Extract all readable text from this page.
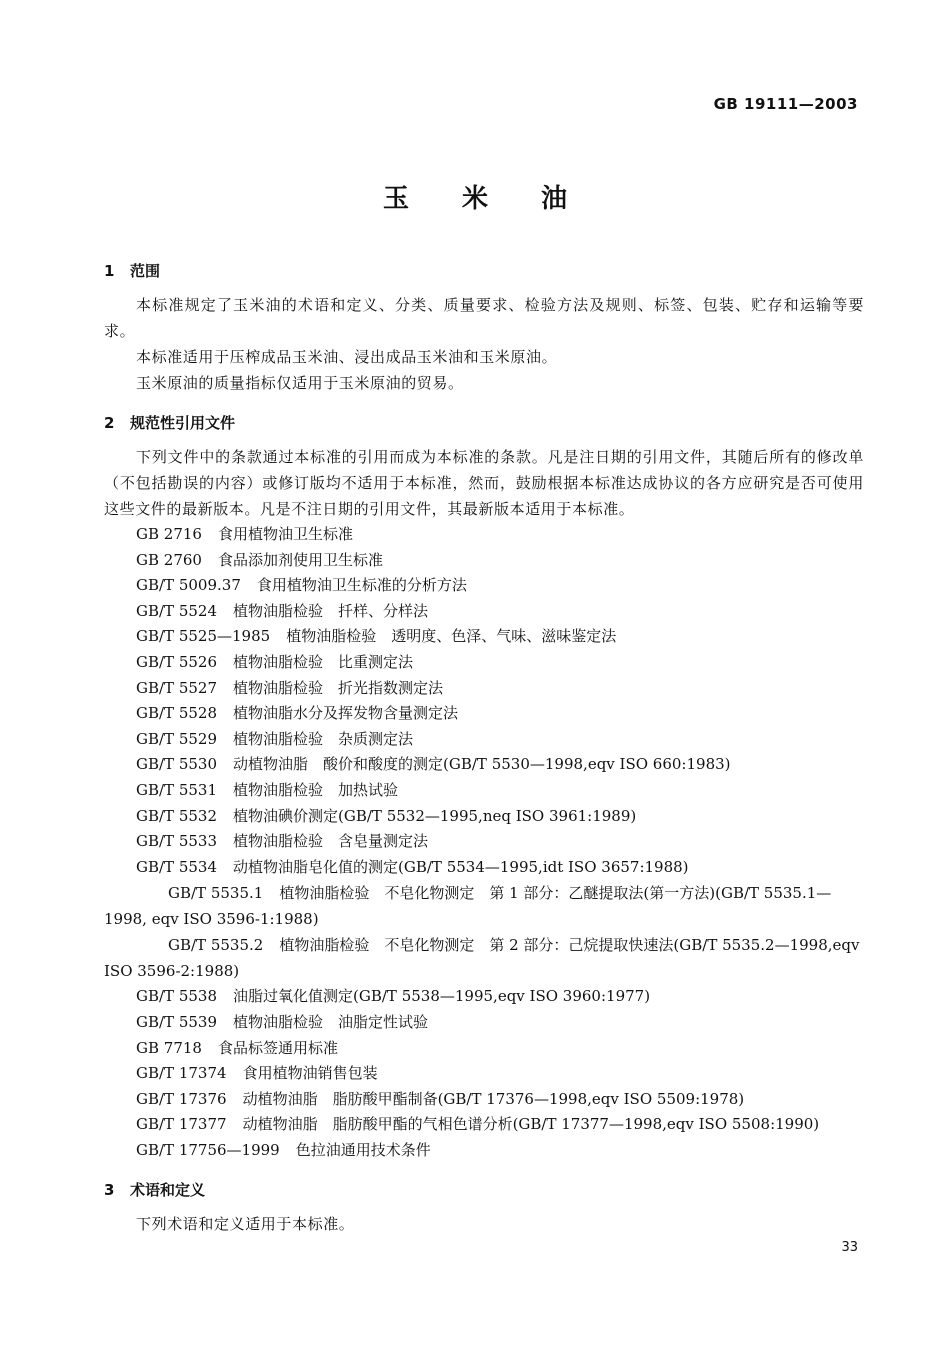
GB 19111—2003
玉 米 油
1 范围
本标准规定了玉米油的术语和定义、分类、质量要求、检验方法及规则、标签、包装、贮存和运输等要求。
本标准适用于压榨成品玉米油、浸出成品玉米油和玉米原油。
玉米原油的质量指标仅适用于玉米原油的贸易。
2 规范性引用文件
下列文件中的条款通过本标准的引用而成为本标准的条款。凡是注日期的引用文件，其随后所有的修改单（不包括勘误的内容）或修订版均不适用于本标准，然而，鼓励根据本标准达成协议的各方应研究是否可使用这些文件的最新版本。凡是不注日期的引用文件，其最新版本适用于本标准。
GB 2716 食用植物油卫生标准
GB 2760 食品添加剂使用卫生标准
GB/T 5009.37 食用植物油卫生标准的分析方法
GB/T 5524 植物油脂检验　扦样、分样法
GB/T 5525—1985 植物油脂检验　透明度、色泽、气味、滋味鉴定法
GB/T 5526 植物油脂检验　比重测定法
GB/T 5527 植物油脂检验　折光指数测定法
GB/T 5528 植物油脂水分及挥发物含量测定法
GB/T 5529 植物油脂检验　杂质测定法
GB/T 5530 动植物油脂　酸价和酸度的测定(GB/T 5530—1998,eqv ISO 660:1983)
GB/T 5531 植物油脂检验　加热试验
GB/T 5532 植物油碘价测定(GB/T 5532—1995,neq ISO 3961:1989)
GB/T 5533 植物油脂检验　含皂量测定法
GB/T 5534 动植物油脂皂化值的测定(GB/T 5534—1995,idt ISO 3657:1988)
GB/T 5535.1 植物油脂检验　不皂化物测定　第 1 部分：乙醚提取法(第一方法)(GB/T 5535.1—1998, eqv ISO 3596-1:1988)
GB/T 5535.2 植物油脂检验　不皂化物测定　第 2 部分：己烷提取快速法(GB/T 5535.2—1998,eqv ISO 3596-2:1988)
GB/T 5538 油脂过氧化值测定(GB/T 5538—1995,eqv ISO 3960:1977)
GB/T 5539 植物油脂检验　油脂定性试验
GB 7718 食品标签通用标准
GB/T 17374 食用植物油销售包装
GB/T 17376 动植物油脂　脂肪酸甲酯制备(GB/T 17376—1998,eqv ISO 5509:1978)
GB/T 17377 动植物油脂　脂肪酸甲酯的气相色谱分析(GB/T 17377—1998,eqv ISO 5508:1990)
GB/T 17756—1999 色拉油通用技术条件
3 术语和定义
下列术语和定义适用于本标准。
33
